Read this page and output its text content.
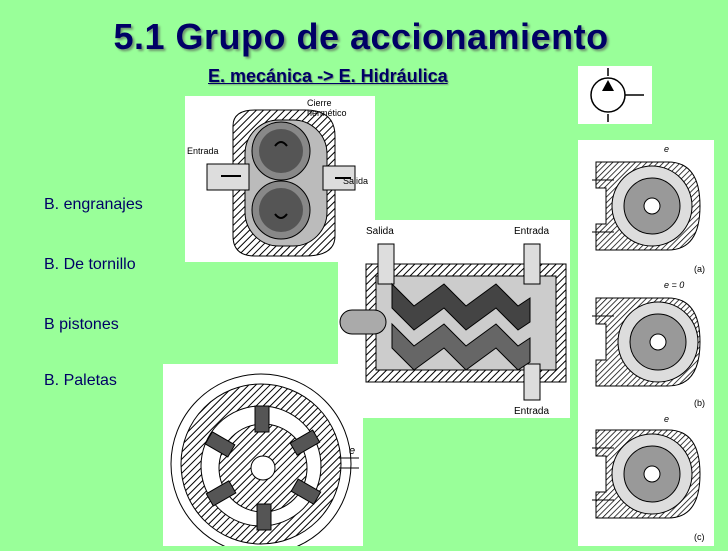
5.1 Grupo de accionamiento
E. mecánica -> E. Hidráulica
B. engranajes
B. De tornillo
B pistones
B. Paletas
Entrada
Salida
Cierre
hermético
Salida	Entrada
Entrada
e
e
(a)
e = 0
(b)
e
(c)
